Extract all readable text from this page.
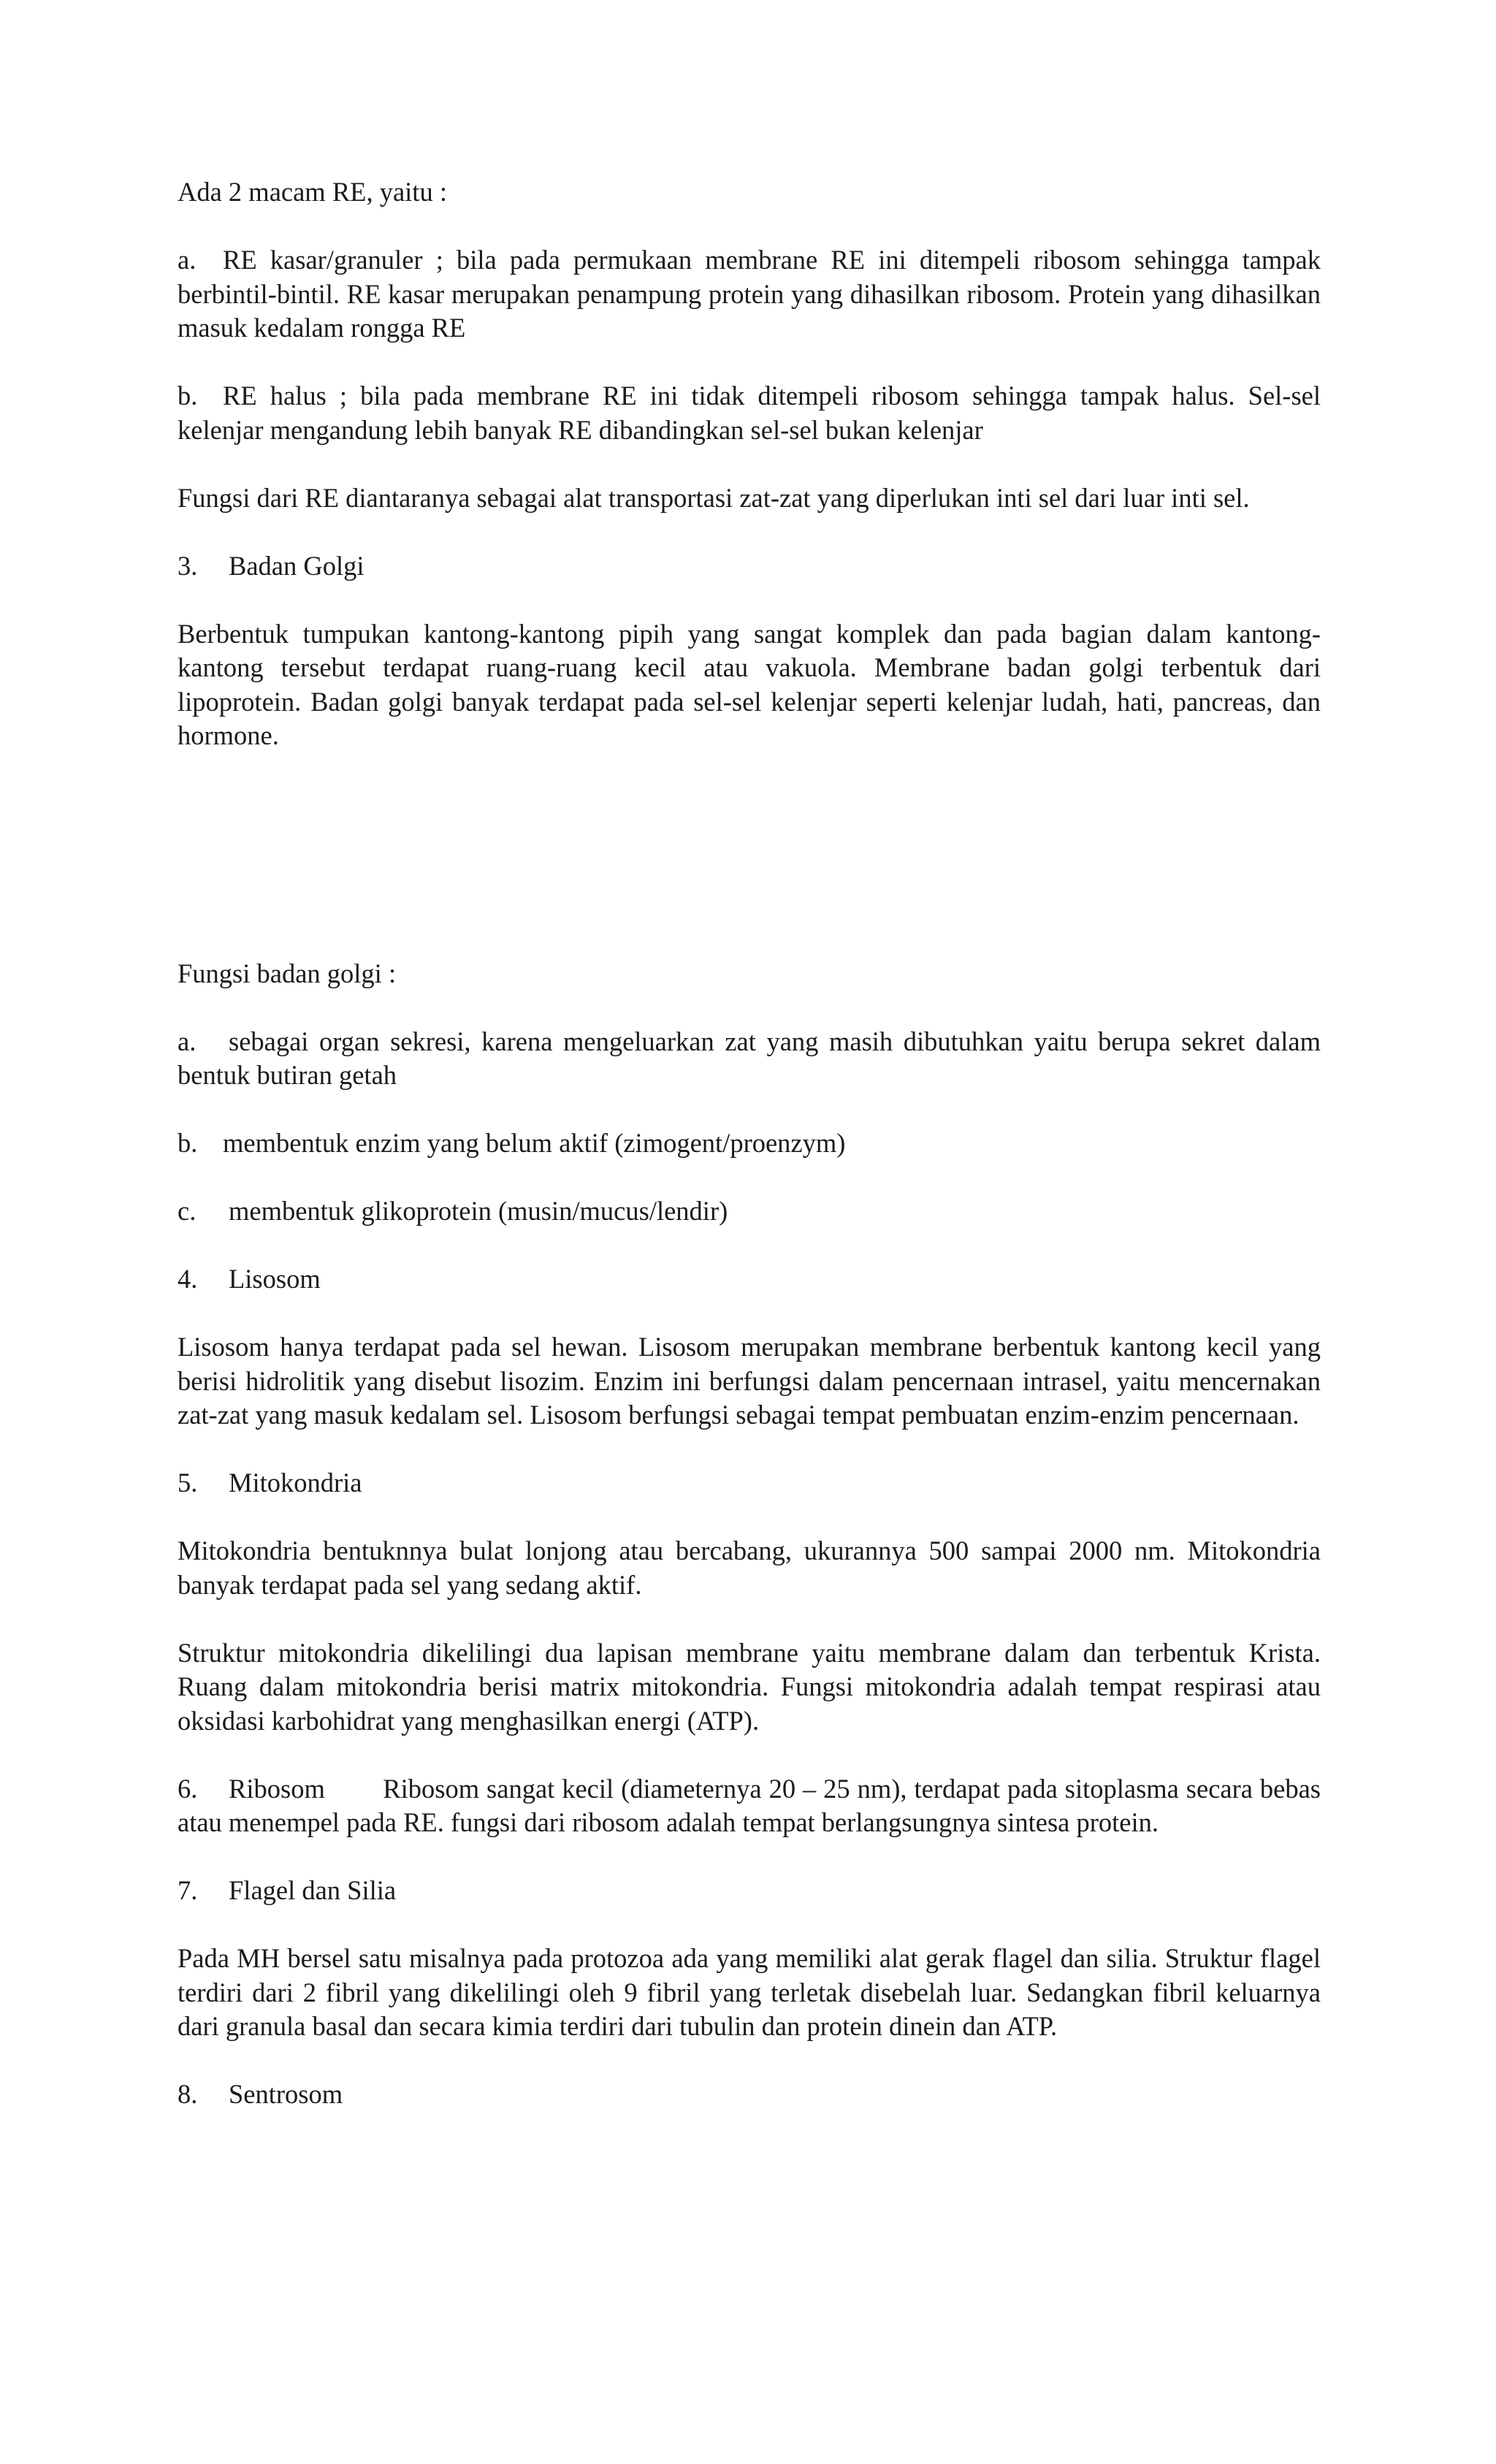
Ada 2 macam RE, yaitu :

a. RE kasar/granuler ; bila pada permukaan membrane RE ini ditempeli ribosom sehingga tampak berbintil-bintil. RE kasar merupakan penampung protein yang dihasilkan ribosom. Protein yang dihasilkan masuk kedalam rongga RE

b. RE halus ; bila pada membrane RE ini tidak ditempeli ribosom sehingga tampak halus. Sel-sel kelenjar mengandung lebih banyak RE dibandingkan sel-sel bukan kelenjar

Fungsi dari RE diantaranya sebagai alat transportasi zat-zat yang diperlukan inti sel dari luar inti sel.

3. Badan Golgi

Berbentuk tumpukan kantong-kantong pipih yang sangat komplek dan pada bagian dalam kantong-kantong tersebut terdapat ruang-ruang kecil atau vakuola. Membrane badan golgi terbentuk dari lipoprotein. Badan golgi banyak terdapat pada sel-sel kelenjar seperti kelenjar ludah, hati, pancreas, dan hormone.

Fungsi badan golgi :

a. sebagai organ sekresi, karena mengeluarkan zat yang masih dibutuhkan yaitu berupa sekret dalam bentuk butiran getah

b. membentuk enzim yang belum aktif (zimogent/proenzym)

c. membentuk glikoprotein (musin/mucus/lendir)

4. Lisosom

Lisosom hanya terdapat pada sel hewan. Lisosom merupakan membrane berbentuk kantong kecil yang berisi hidrolitik yang disebut lisozim. Enzim ini berfungsi dalam pencernaan intrasel, yaitu mencernakan zat-zat yang masuk kedalam sel. Lisosom berfungsi sebagai tempat pembuatan enzim-enzim pencernaan.

5. Mitokondria

Mitokondria bentuknnya bulat lonjong atau bercabang, ukurannya 500 sampai 2000 nm. Mitokondria banyak terdapat pada sel yang sedang aktif.

Struktur mitokondria dikelilingi dua lapisan membrane yaitu membrane dalam dan terbentuk Krista. Ruang dalam mitokondria berisi matrix mitokondria. Fungsi mitokondria adalah tempat respirasi atau oksidasi karbohidrat yang menghasilkan energi (ATP).

6. Ribosom Ribosom sangat kecil (diameternya 20 – 25 nm), terdapat pada sitoplasma secara bebas atau menempel pada RE. fungsi dari ribosom adalah tempat berlangsungnya sintesa protein.

7. Flagel dan Silia

Pada MH bersel satu misalnya pada protozoa ada yang memiliki alat gerak flagel dan silia. Struktur flagel terdiri dari 2 fibril yang dikelilingi oleh 9 fibril yang terletak disebelah luar. Sedangkan fibril keluarnya dari granula basal dan secara kimia terdiri dari tubulin dan protein dinein dan ATP.

8. Sentrosom
